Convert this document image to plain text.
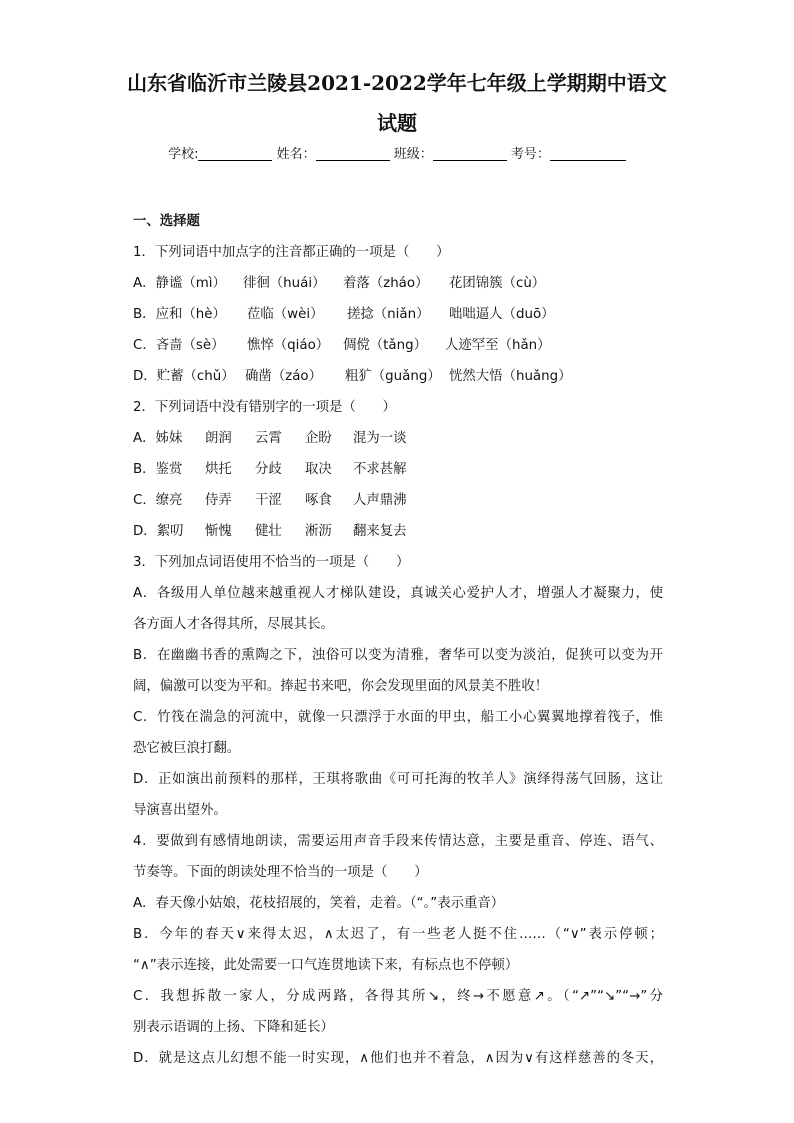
山东省临沂市兰陵县2021-2022学年七年级上学期期中语文
试题
学校:	姓名：	班级：	考号：
一、选择题
1．下列词语中加点字的注音都正确的一项是（　　）
A．静谧（mì） 徘徊（huái） 着落（zháo） 花团锦簇（cù）
B．应和（hè） 莅临（wèi） 搓捻（niǎn） 咄咄逼人（duō）
C．吝啬（sè） 憔悴（qiáo） 倜傥（tǎng） 人迹罕至（hǎn）
D．贮蓄（chǔ） 确凿（záo） 粗犷（guǎng） 恍然大悟（huǎng）
2．下列词语中没有错别字的一项是（　　）
A．姊妹 朗润 云霄 企盼 混为一谈
B．鉴赏 烘托 分歧 取决 不求甚解
C．缭亮 侍弄 干涩 啄食 人声鼎沸
D．絮叨 惭愧 健壮 淅沥 翻来复去
3．下列加点词语使用不恰当的一项是（　　）
A．各级用人单位越来越重视人才梯队建设，真诚关心爱护人才，增强人才凝聚力，使
各方面人才各得其所，尽展其长。
B．在幽幽书香的熏陶之下，浊俗可以变为清雅，奢华可以变为淡泊，促狭可以变为开
阔，偏激可以变为平和。捧起书来吧，你会发现里面的风景美不胜收！
C．竹筏在湍急的河流中，就像一只漂浮于水面的甲虫，船工小心翼翼地撑着筏子，惟
恐它被巨浪打翻。
D．正如演出前预料的那样，王琪将歌曲《可可托海的牧羊人》演绎得荡气回肠，这让
导演喜出望外。
4．要做到有感情地朗读，需要运用声音手段来传情达意，主要是重音、停连、语气、
节奏等。下面的朗读处理不恰当的一项是（　　）
A．春天像小姑娘，花枝招展的，笑着，走着。（“。”表示重音）
B．今年的春天∨来得太迟，∧太迟了，有一些老人挺不住……（“∨”表示停顿；
“∧”表示连接，此处需要一口气连贯地读下来，有标点也不停顿）
C．我想拆散一家人，分成两路，各得其所↘，终→不愿意↗。（“↗”“↘”“→”分
别表示语调的上扬、下降和延长）
D．就是这点儿幻想不能一时实现，∧他们也并不着急，∧因为∨有这样慈善的冬天，
